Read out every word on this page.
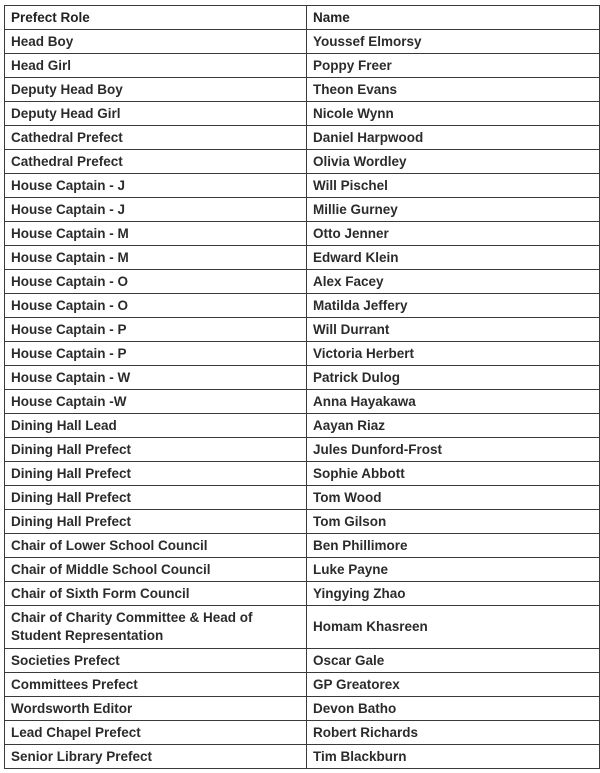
Prefect Role	Name
Head Boy	Youssef Elmorsy
Head Girl	Poppy Freer
Deputy Head Boy	Theon Evans
Deputy Head Girl	Nicole Wynn
Cathedral Prefect	Daniel Harpwood
Cathedral Prefect	Olivia Wordley
House Captain - J	Will Pischel
House Captain - J	Millie Gurney
House Captain - M	Otto Jenner
House Captain - M	Edward Klein
House Captain - O	Alex Facey
House Captain - O	Matilda Jeffery
House Captain - P	Will Durrant
House Captain - P	Victoria Herbert
House Captain - W	Patrick Dulog
House Captain -W	Anna Hayakawa
Dining Hall Lead	Aayan Riaz
Dining Hall Prefect	Jules Dunford-Frost
Dining Hall Prefect	Sophie Abbott
Dining Hall Prefect	Tom Wood
Dining Hall Prefect	Tom Gilson
Chair of Lower School Council	Ben Phillimore
Chair of Middle School Council	Luke Payne
Chair of Sixth Form Council	Yingying Zhao
Chair of Charity Committee & Head of Student Representation	Homam Khasreen
Societies Prefect	Oscar Gale
Committees Prefect	GP Greatorex
Wordsworth Editor	Devon Batho
Lead Chapel Prefect	Robert Richards
Senior Library Prefect	Tim Blackburn
